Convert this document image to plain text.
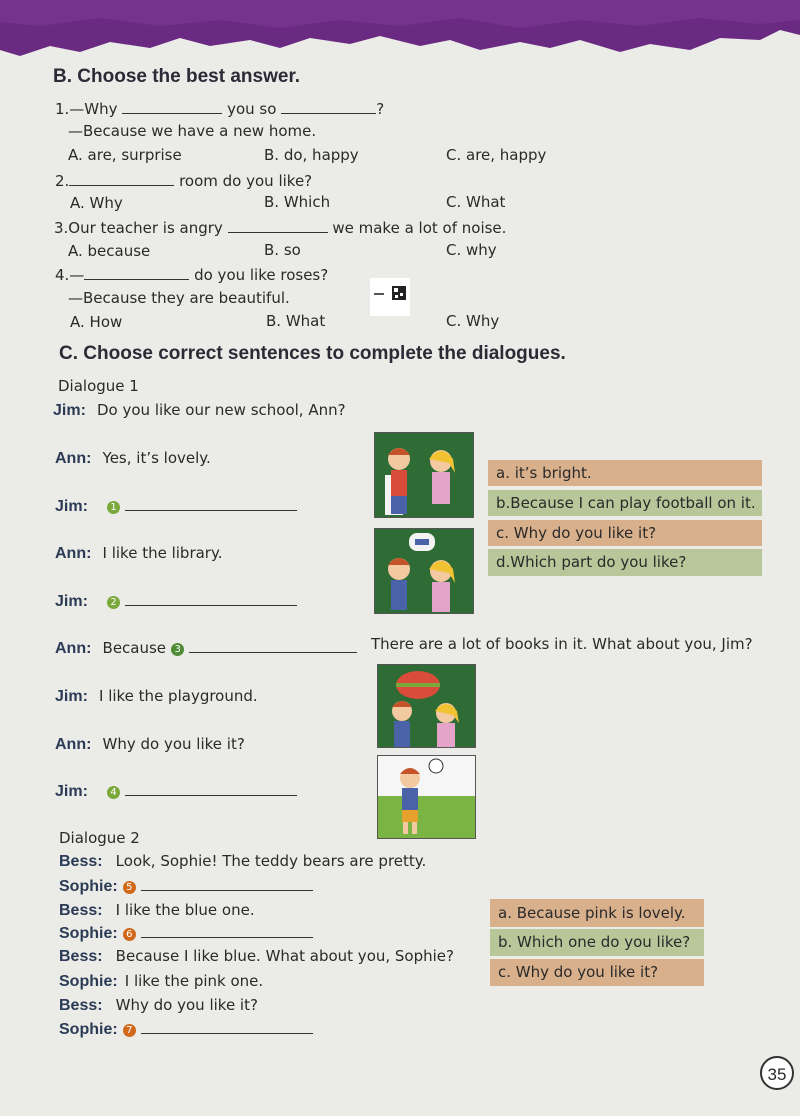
B. Choose the best answer.
1.—Why	you so	?
—Because we have a new home.
A. are, surprise	B. do, happy	C. are, happy
2.	room do you like?
A. Why	B. Which	C. What
3.Our teacher is angry	we make a lot of noise.
A. because	B. so	C. why
4.—	do you like roses?
—Because they are beautiful.
A. How	B. What	C. Why
C. Choose correct sentences to complete the dialogues.
Dialogue 1
Jim: Do you like our new school, Ann?
Ann: Yes, it’s lovely.
Jim: 1
Ann: I like the library.
Jim: 2
Ann: Because 3	There are a lot of books in it. What about you, Jim?
Jim: I like the playground.
Ann: Why do you like it?
Jim: 4
a. it’s bright.
b.Because I can play football on it.
c. Why do you like it?
d.Which part do you like?
Dialogue 2
Bess: Look, Sophie! The teddy bears are pretty.
Sophie: 5
Bess: I like the blue one.
Sophie: 6
Bess: Because I like blue. What about you, Sophie?
Sophie: I like the pink one.
Bess: Why do you like it?
Sophie: 7
a. Because pink is lovely.
b. Which one do you like?
c. Why do you like it?
35
